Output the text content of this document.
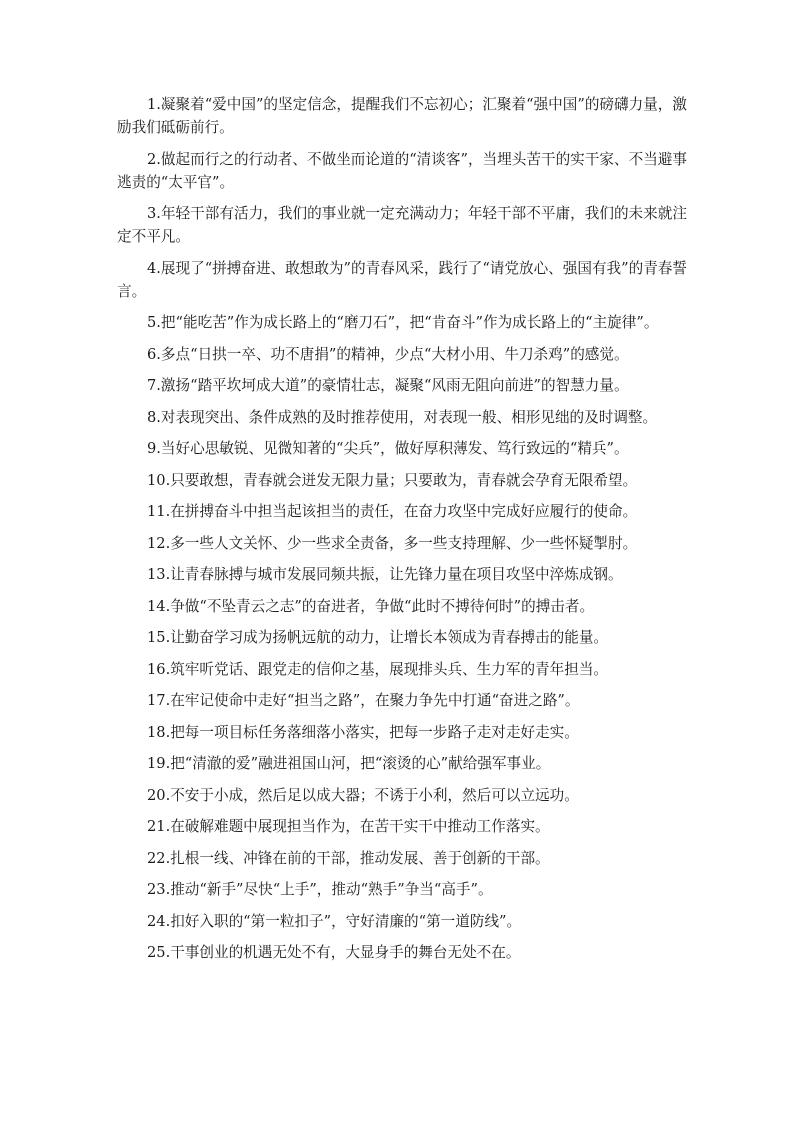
1.凝聚着“爱中国”的坚定信念，提醒我们不忘初心；汇聚着“强中国”的磅礴力量，激励我们砥砺前行。

2.做起而行之的行动者、不做坐而论道的“清谈客”，当埋头苦干的实干家、不当避事逃责的“太平官”。

3.年轻干部有活力，我们的事业就一定充满动力；年轻干部不平庸，我们的未来就注定不平凡。

4.展现了“拼搏奋进、敢想敢为”的青春风采，践行了“请党放心、强国有我”的青春誓言。

5.把“能吃苦”作为成长路上的“磨刀石”，把“肯奋斗”作为成长路上的“主旋律”。

6.多点“日拱一卒、功不唐捐”的精神，少点“大材小用、牛刀杀鸡”的感觉。

7.激扬“踏平坎坷成大道”的豪情壮志，凝聚“风雨无阻向前进”的智慧力量。

8.对表现突出、条件成熟的及时推荐使用，对表现一般、相形见绌的及时调整。

9.当好心思敏锐、见微知著的“尖兵”，做好厚积薄发、笃行致远的“精兵”。

10.只要敢想，青春就会迸发无限力量；只要敢为，青春就会孕育无限希望。

11.在拼搏奋斗中担当起该担当的责任，在奋力攻坚中完成好应履行的使命。

12.多一些人文关怀、少一些求全责备，多一些支持理解、少一些怀疑掣肘。

13.让青春脉搏与城市发展同频共振，让先锋力量在项目攻坚中淬炼成钢。

14.争做“不坠青云之志”的奋进者，争做“此时不搏待何时”的搏击者。

15.让勤奋学习成为扬帆远航的动力，让增长本领成为青春搏击的能量。

16.筑牢听党话、跟党走的信仰之基，展现排头兵、生力军的青年担当。

17.在牢记使命中走好“担当之路”，在聚力争先中打通“奋进之路”。

18.把每一项目标任务落细落小落实，把每一步路子走对走好走实。

19.把“清澈的爱”融进祖国山河，把“滚烫的心”献给强军事业。

20.不安于小成，然后足以成大器；不诱于小利，然后可以立远功。

21.在破解难题中展现担当作为，在苦干实干中推动工作落实。

22.扎根一线、冲锋在前的干部，推动发展、善于创新的干部。

23.推动“新手”尽快“上手”，推动“熟手”争当“高手”。

24.扣好入职的“第一粒扣子”，守好清廉的“第一道防线”。

25.干事创业的机遇无处不有，大显身手的舞台无处不在。
